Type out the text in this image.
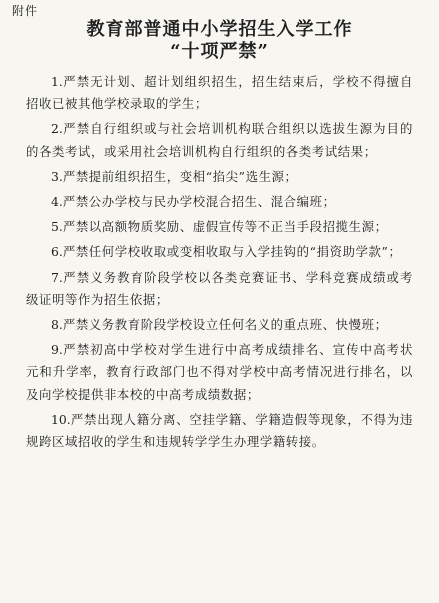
附件
教育部普通中小学招生入学工作
“十项严禁”

1.严禁无计划、超计划组织招生，招生结束后，学校不得擅自招收已被其他学校录取的学生；

2.严禁自行组织或与社会培训机构联合组织以选拔生源为目的的各类考试，或采用社会培训机构自行组织的各类考试结果；

3.严禁提前组织招生，变相“掐尖”选生源；

4.严禁公办学校与民办学校混合招生、混合编班；

5.严禁以高额物质奖励、虚假宣传等不正当手段招揽生源；

6.严禁任何学校收取或变相收取与入学挂钩的“捐资助学款”；

7.严禁义务教育阶段学校以各类竞赛证书、学科竞赛成绩或考级证明等作为招生依据；

8.严禁义务教育阶段学校设立任何名义的重点班、快慢班；

9.严禁初高中学校对学生进行中高考成绩排名、宣传中高考状元和升学率，教育行政部门也不得对学校中高考情况进行排名，以及向学校提供非本校的中高考成绩数据；

10.严禁出现人籍分离、空挂学籍、学籍造假等现象，不得为违规跨区域招收的学生和违规转学学生办理学籍转接。
